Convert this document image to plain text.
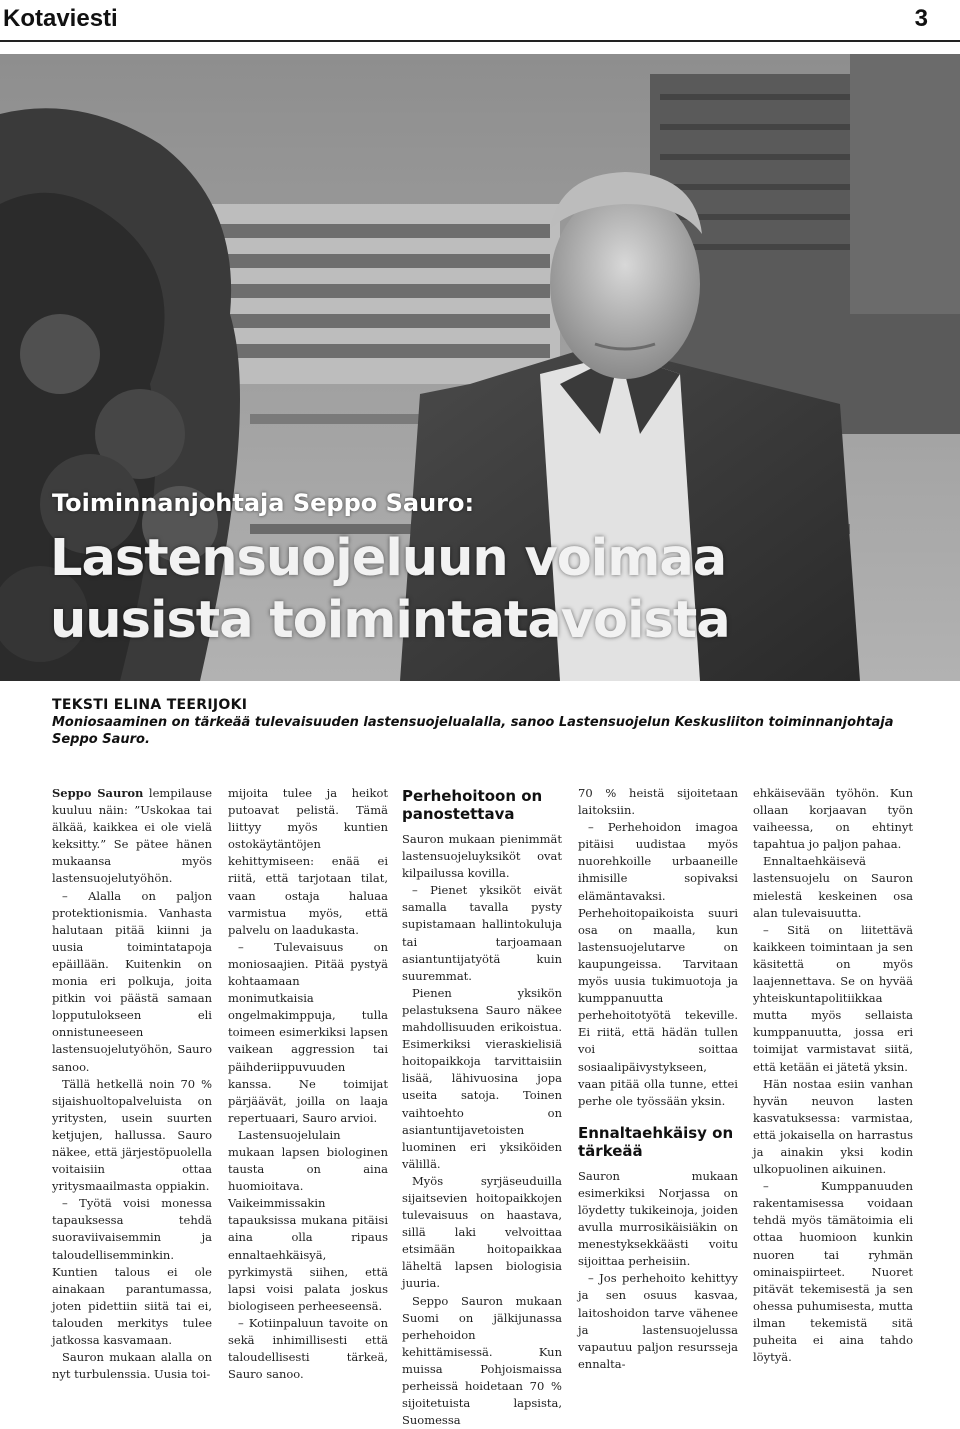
Kotaviesti	3
Toiminnanjohtaja Seppo Sauro:
Lastensuojeluun voimaa uusista toimintatavoista
TEKSTI ELINA TEERIJOKI
Moniosaaminen on tärkeää tulevaisuuden lastensuojelualalla, sanoo Lastensuojelun Keskusliiton toiminnanjohtaja Seppo Sauro.

Seppo Sauron lempilause kuuluu näin: ”Uskokaa tai älkää, kaikkea ei ole vielä keksitty.” Se pätee hänen mukaansa myös lastensuojelutyöhön.

– Alalla on paljon protektionismia. Vanhasta halutaan pitää kiinni ja uusia toimintatapoja epäillään. Kuitenkin on monia eri polkuja, joita pitkin voi päästä samaan lopputulokseen eli onnistuneeseen lastensuojelutyöhön, Sauro sanoo.

Tällä hetkellä noin 70 % sijaishuoltopalveluista on yritysten, usein suurten ketjujen, hallussa. Sauro näkee, että järjestöpuolella voitaisiin ottaa yritysmaailmasta oppiakin.

– Työtä voisi monessa tapauksessa tehdä suoraviivaisemmin ja taloudellisemminkin. Kuntien talous ei ole ainakaan parantumassa, joten pidettiin siitä tai ei, talouden merkitys tulee jatkossa kasvamaan.

Sauron mukaan alalla on nyt turbulenssia. Uusia toi-

mijoita tulee ja heikot putoavat pelistä. Tämä liittyy myös kuntien ostokäytäntöjen kehittymiseen: enää ei riitä, että tarjotaan tilat, vaan ostaja haluaa varmistua myös, että palvelu on laadukasta.

– Tulevaisuus on moniosaajien. Pitää pystyä kohtaamaan monimutkaisia ongelmakimppuja, tulla toimeen esimerkiksi lapsen vaikean aggression tai päihderiippuvuuden kanssa. Ne toimijat pärjäävät, joilla on laaja repertuaari, Sauro arvioi.

Lastensuojelulain mukaan lapsen biologinen tausta on aina huomioitava. Vaikeimmissakin tapauksissa mukana pitäisi aina olla ripaus ennaltaehkäisyä, pyrkimystä siihen, että lapsi voisi palata joskus biologiseen perheeseensä.

– Kotiinpaluun tavoite on sekä inhimillisesti että taloudellisesti tärkeä, Sauro sanoo.

Perhehoitoon on panostettava

Sauron mukaan pienimmät lastensuojeluyksiköt ovat kilpailussa kovilla.

– Pienet yksiköt eivät samalla tavalla pysty supistamaan hallintokuluja tai tarjoamaan asiantuntijatyötä kuin suuremmat.

Pienen yksikön pelastuksena Sauro näkee mahdollisuuden erikoistua. Esimerkiksi vieraskielisiä hoitopaikkoja tarvittaisiin lisää, lähivuosina jopa useita satoja. Toinen vaihtoehto on asiantuntijavetoisten luominen eri yksiköiden välillä.

Myös syrjäseuduilla sijaitsevien hoitopaikkojen tulevaisuus on haastava, sillä laki velvoittaa etsimään hoitopaikkaa läheltä lapsen biologisia juuria.

Seppo Sauron mukaan Suomi on jälkijunassa perhehoidon kehittämisessä. Kun muissa Pohjoismaissa perheissä hoidetaan 70 % sijoitetuista lapsista, Suomessa

70 % heistä sijoitetaan laitoksiin.

– Perhehoidon imagoa pitäisi uudistaa myös nuorehkoille urbaaneille ihmisille sopivaksi elämäntavaksi. Perhehoitopaikoista suuri osa on maalla, kun lastensuojelutarve on kaupungeissa. Tarvitaan myös uusia tukimuotoja ja kumppanuutta perhehoitotyötä tekeville. Ei riitä, että hädän tullen voi soittaa sosiaalipäivystykseen, vaan pitää olla tunne, ettei perhe ole työssään yksin.

Ennaltaehkäisy on tärkeää

Sauron mukaan esimerkiksi Norjassa on löydetty tukikeinoja, joiden avulla murrosikäisiäkin on menestyksekkäästi voitu sijoittaa perheisiin.

– Jos perhehoito kehittyy ja sen osuus kasvaa, laitoshoidon tarve vähenee ja lastensuojelussa vapautuu paljon resursseja ennalta-

ehkäisevään työhön. Kun ollaan korjaavan työn vaiheessa, on ehtinyt tapahtua jo paljon pahaa.

Ennaltaehkäisevä lastensuojelu on Sauron mielestä keskeinen osa alan tulevaisuutta.

– Sitä on liitettävä kaikkeen toimintaan ja sen käsitettä on myös laajennettava. Se on hyvää yhteiskuntapolitiikkaa mutta myös sellaista kumppanuutta, jossa eri toimijat varmistavat siitä, että ketään ei jätetä yksin.

Hän nostaa esiin vanhan hyvän neuvon lasten kasvatuksessa: varmistaa, että jokaisella on harrastus ja ainakin yksi kodin ulkopuolinen aikuinen.

– Kumppanuuden rakentamisessa voidaan tehdä myös tämätoimia eli ottaa huomioon kunkin nuoren tai ryhmän ominaispiirteet. Nuoret pitävät tekemisestä ja sen ohessa puhumisesta, mutta ilman tekemistä sitä puheita ei aina tahdo löytyä.
